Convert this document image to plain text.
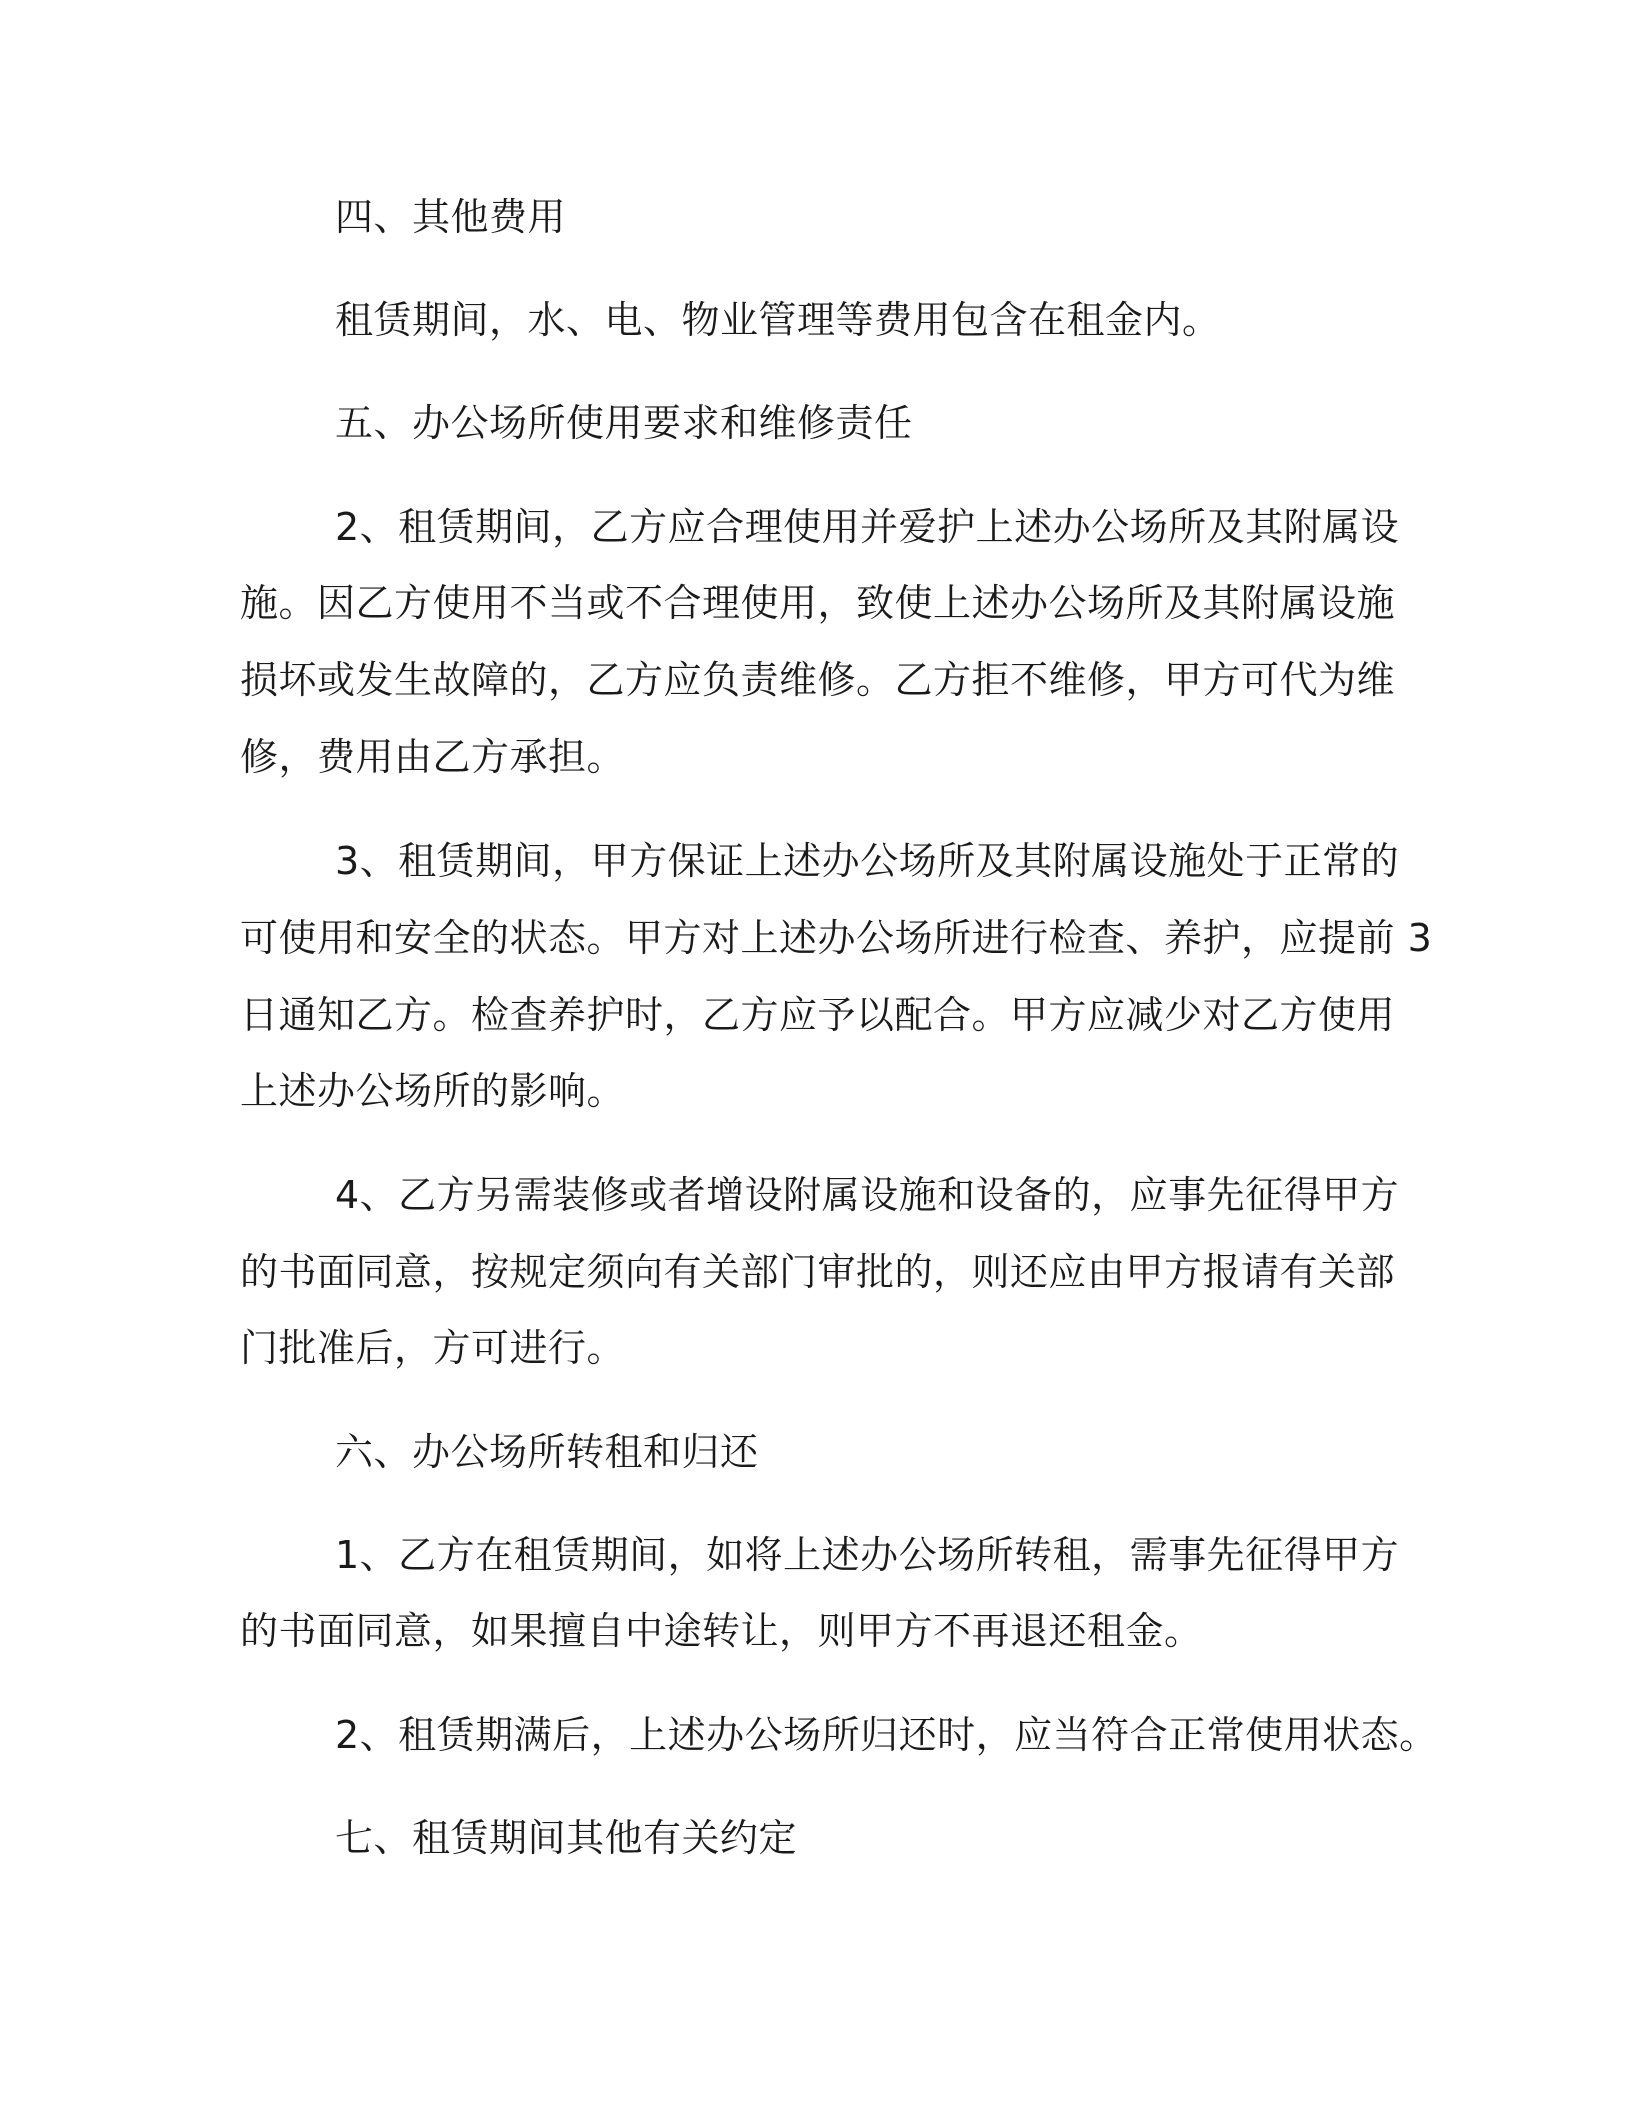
四、其他费用

租赁期间，水、电、物业管理等费用包含在租金内。

五、办公场所使用要求和维修责任

2、租赁期间，乙方应合理使用并爱护上述办公场所及其附属设

施。因乙方使用不当或不合理使用，致使上述办公场所及其附属设施

损坏或发生故障的，乙方应负责维修。乙方拒不维修，甲方可代为维

修，费用由乙方承担。

3、租赁期间，甲方保证上述办公场所及其附属设施处于正常的

可使用和安全的状态。甲方对上述办公场所进行检查、养护，应提前 3

日通知乙方。检查养护时，乙方应予以配合。甲方应减少对乙方使用

上述办公场所的影响。

4、乙方另需装修或者增设附属设施和设备的，应事先征得甲方

的书面同意，按规定须向有关部门审批的，则还应由甲方报请有关部

门批准后，方可进行。

六、办公场所转租和归还

1、乙方在租赁期间，如将上述办公场所转租，需事先征得甲方

的书面同意，如果擅自中途转让，则甲方不再退还租金。

2、租赁期满后，上述办公场所归还时，应当符合正常使用状态。

七、租赁期间其他有关约定
